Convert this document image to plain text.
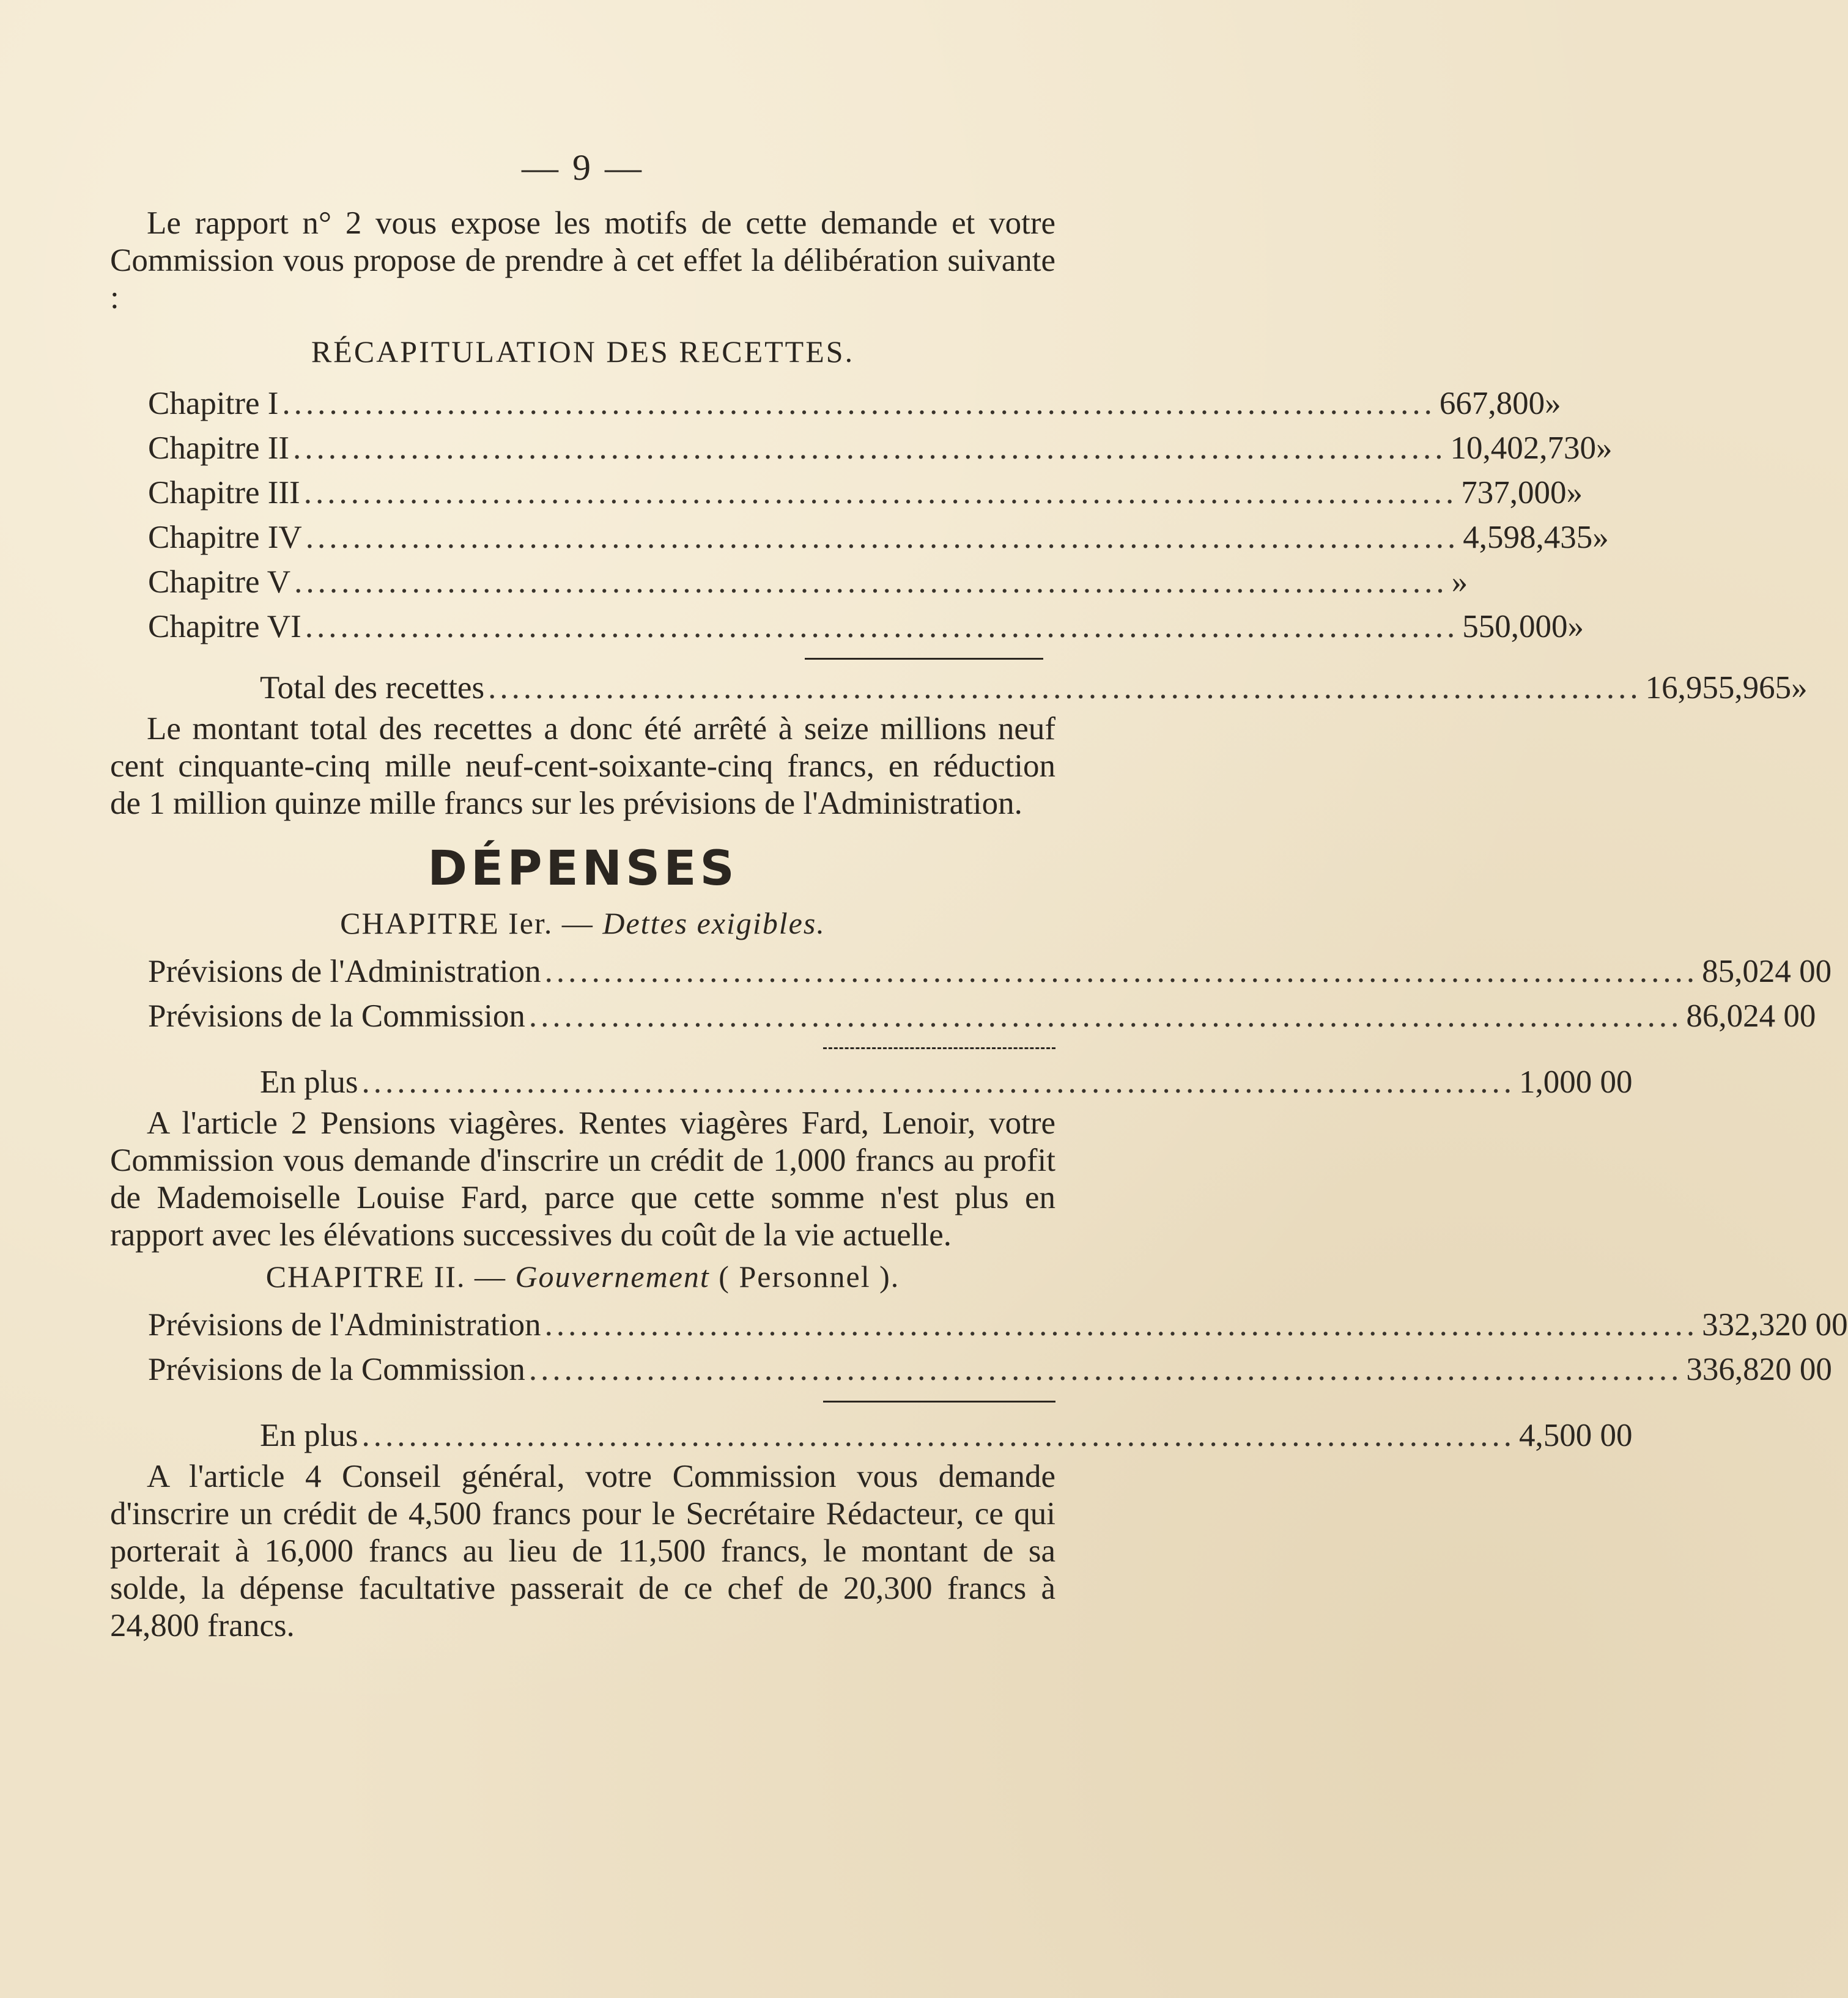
— 9 —

Le rapport n° 2 vous expose les motifs de cette demande et votre Commission vous propose de prendre à cet effet la délibération suivante :

RÉCAPITULATION DES RECETTES.
Chapitre I .................................................................................................. 667,800 »
Chapitre II .................................................................................................. 10,402,730 »
Chapitre III .................................................................................................. 737,000 »
Chapitre IV .................................................................................................. 4,598,435 »
Chapitre V .................................................................................................. »
Chapitre VI .................................................................................................. 550,000 »
Total des recettes .................................................................................................. 16,955,965 »

Le montant total des recettes a donc été arrêté à seize millions neuf cent cinquante-cinq mille neuf-cent-soixante-cinq francs, en réduction de 1 million quinze mille francs sur les prévisions de l'Administration.

DÉPENSES
CHAPITRE Ier. — Dettes exigibles.
Prévisions de l'Administration .................................................................................................. 85,024 00
Prévisions de la Commission .................................................................................................. 86,024 00
En plus .................................................................................................. 1,000 00

A l'article 2 Pensions viagères. Rentes viagères Fard, Lenoir, votre Commission vous demande d'inscrire un crédit de 1,000 francs au profit de Mademoiselle Louise Fard, parce que cette somme n'est plus en rapport avec les élévations successives du coût de la vie actuelle.

CHAPITRE II. — Gouvernement ( Personnel ).
Prévisions de l'Administration .................................................................................................. 332,320 00
Prévisions de la Commission .................................................................................................. 336,820 00
En plus .................................................................................................. 4,500 00

A l'article 4 Conseil général, votre Commission vous demande d'inscrire un crédit de 4,500 francs pour le Secrétaire Rédacteur, ce qui porterait à 16,000 francs au lieu de 11,500 francs, le montant de sa solde, la dépense facultative passerait de ce chef de 20,300 francs à 24,800 francs.
